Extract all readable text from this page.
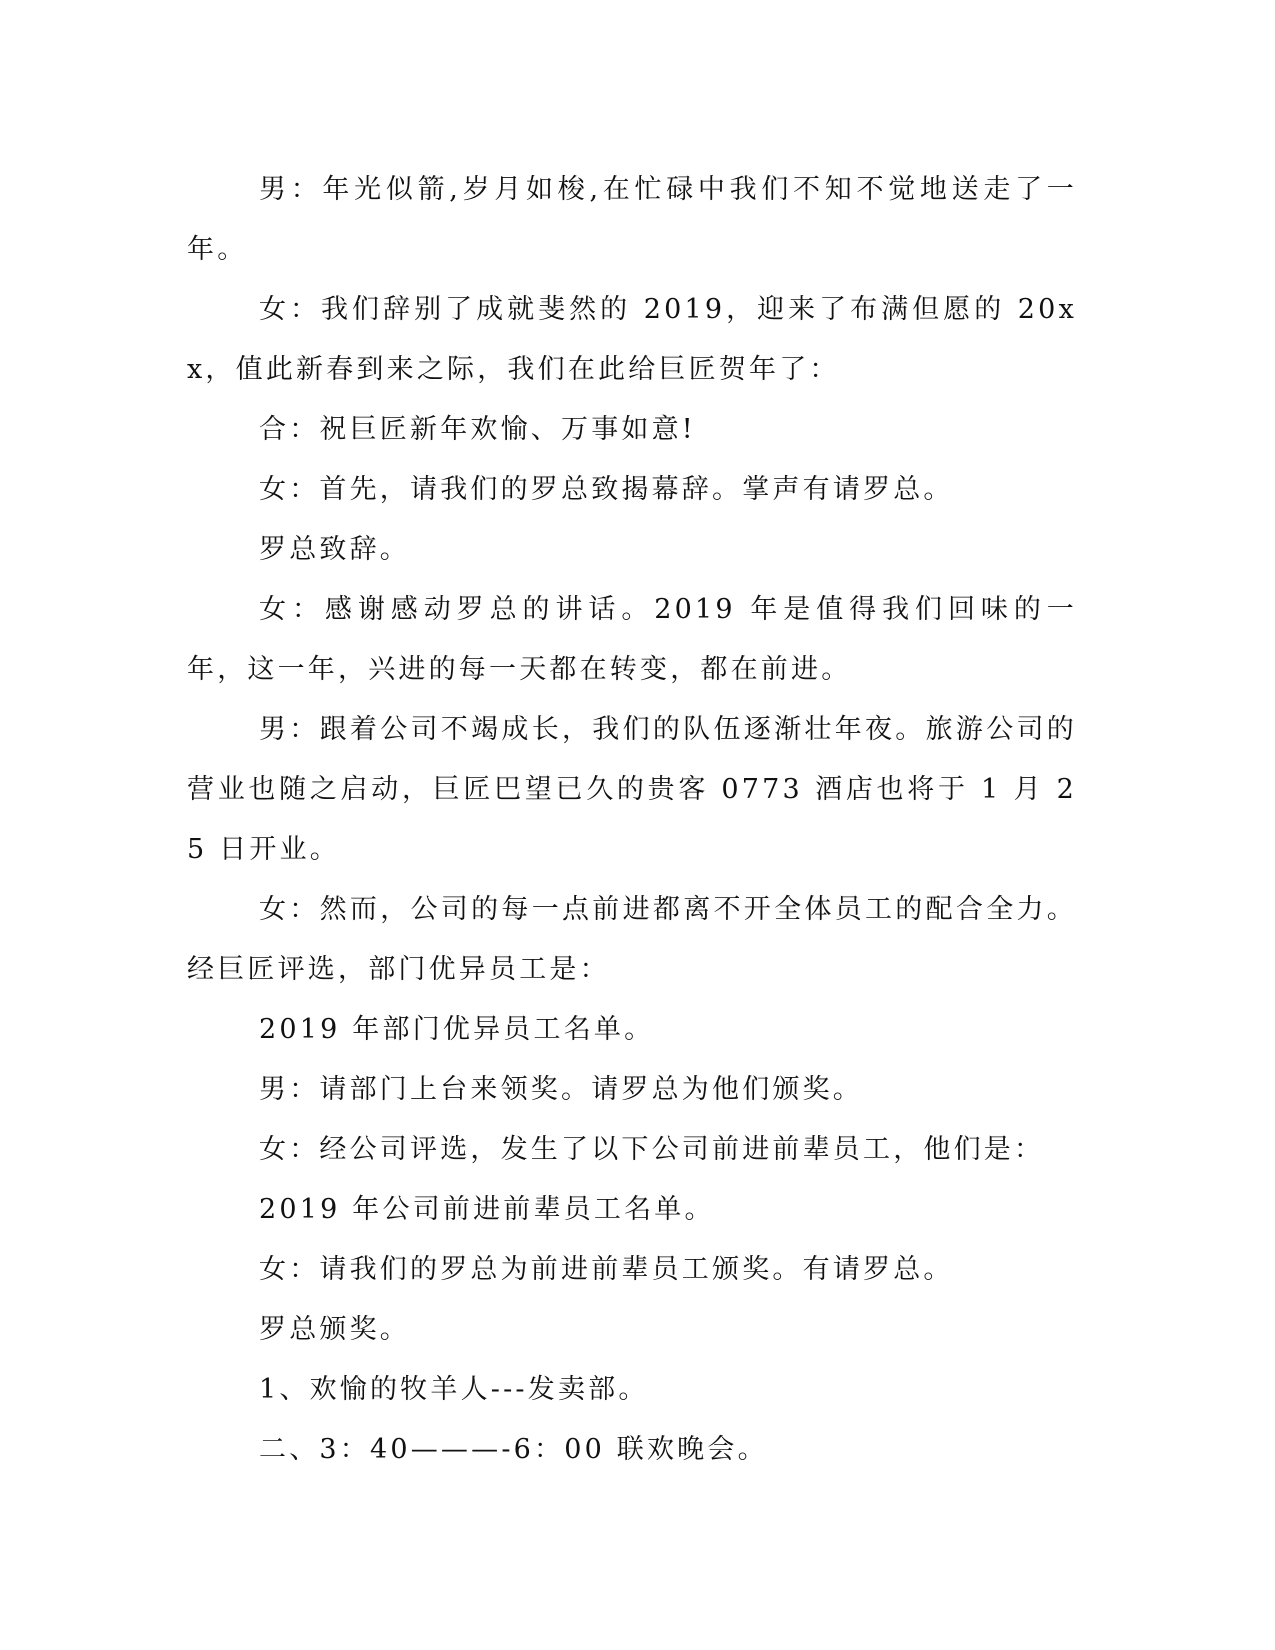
男：年光似箭,岁月如梭,在忙碌中我们不知不觉地送走了一年。

女：我们辞别了成就斐然的 2019，迎来了布满但愿的 20xx，值此新春到来之际，我们在此给巨匠贺年了：

合：祝巨匠新年欢愉、万事如意!

女：首先，请我们的罗总致揭幕辞。掌声有请罗总。

罗总致辞。

女：感谢感动罗总的讲话。2019 年是值得我们回味的一年，这一年，兴进的每一天都在转变，都在前进。

男：跟着公司不竭成长，我们的队伍逐渐壮年夜。旅游公司的营业也随之启动，巨匠巴望已久的贵客 0773 酒店也将于 1 月 25 日开业。

女：然而，公司的每一点前进都离不开全体员工的配合全力。经巨匠评选，部门优异员工是：

2019 年部门优异员工名单。

男：请部门上台来领奖。请罗总为他们颁奖。

女：经公司评选，发生了以下公司前进前辈员工，他们是：

2019 年公司前进前辈员工名单。

女：请我们的罗总为前进前辈员工颁奖。有请罗总。

罗总颁奖。

1、欢愉的牧羊人---发卖部。

二、3：40———-6：00 联欢晚会。
